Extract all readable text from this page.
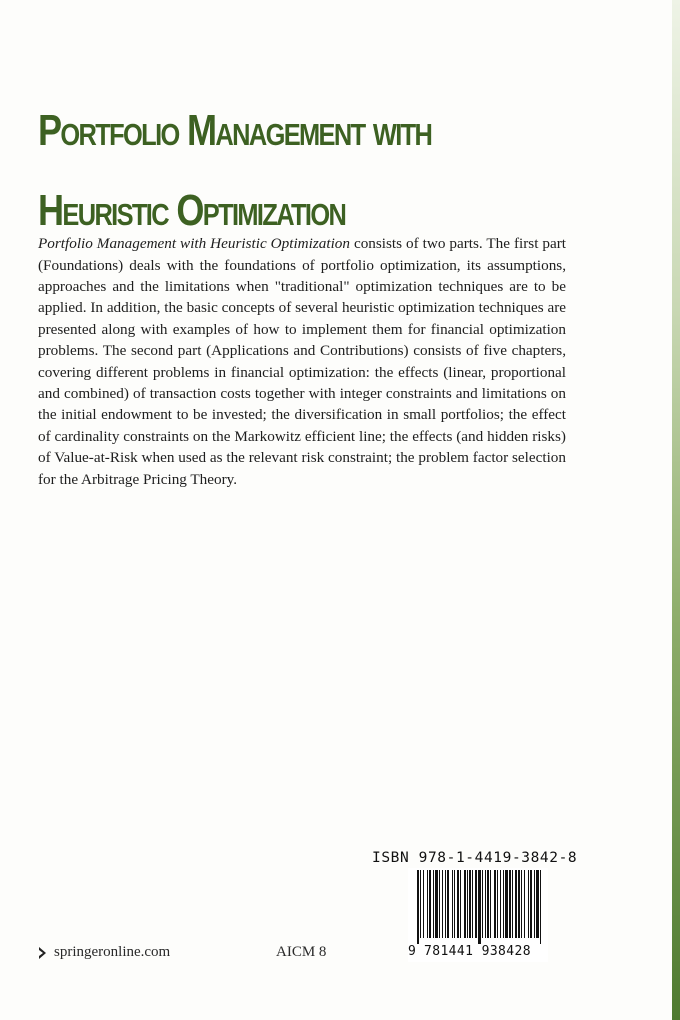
Portfolio Management with
Heuristic Optimization

Portfolio Management with Heuristic Optimization consists of two parts. The first part (Foundations) deals with the foundations of portfolio optimization, its assumptions, approaches and the limitations when "traditional" optimization techniques are to be applied. In addition, the basic concepts of several heuristic optimization techniques are presented along with examples of how to implement them for financial optimization problems. The second part (Applications and Contributions) consists of five chapters, covering different problems in financial optimization: the effects (linear, proportional and combined) of transaction costs together with integer constraints and limitations on the initial endowment to be invested; the diversification in small portfolios; the effect of cardinality constraints on the Markowitz efficient line; the effects (and hidden risks) of Value-at-Risk when used as the relevant risk constraint; the problem factor selection for the Arbitrage Pricing Theory.

springeronline.com	AICM 8
ISBN 978-1-4419-3842-8
9 781441 938428
